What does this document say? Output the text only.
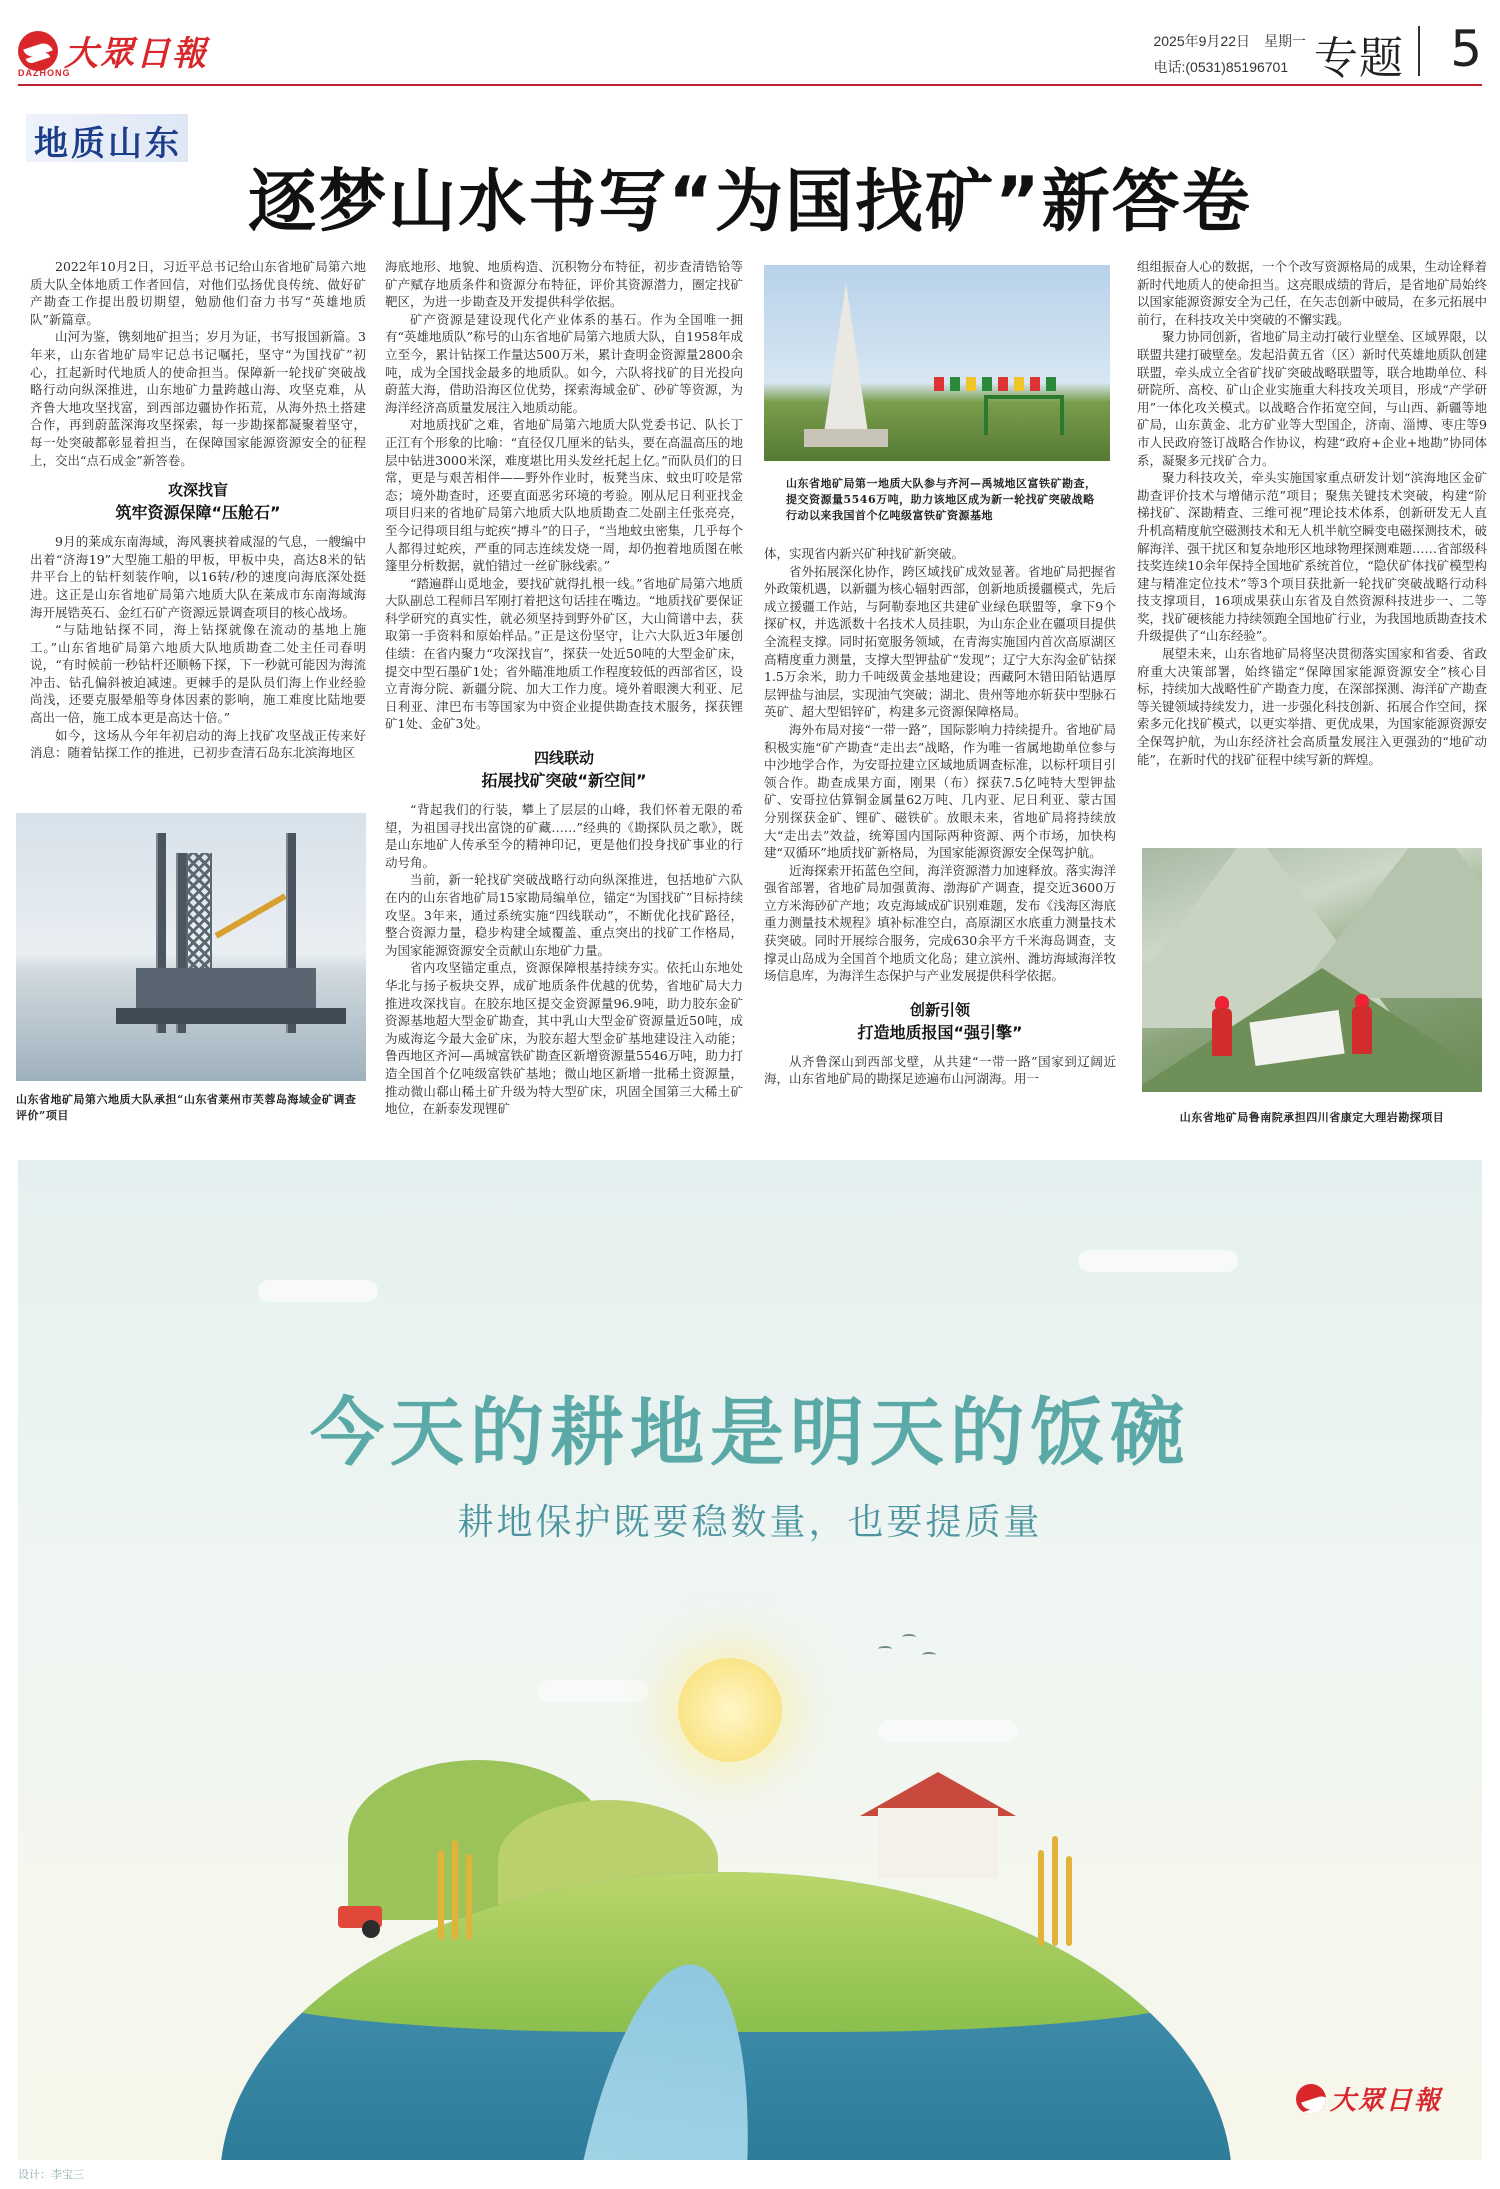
大眾日報
DAZHONG
2025年9月22日　星期一
电话:(0531)85196701 专题 5
地质山东
逐梦山水书写“为国找矿”新答卷

2022年10月2日，习近平总书记给山东省地矿局第六地质大队全体地质工作者回信，对他们弘扬优良传统、做好矿产勘查工作提出殷切期望，勉励他们奋力书写“英雄地质队”新篇章。

山河为鉴，镌刻地矿担当；岁月为证，书写报国新篇。3年来，山东省地矿局牢记总书记嘱托，坚守“为国找矿”初心，扛起新时代地质人的使命担当。保障新一轮找矿突破战略行动向纵深推进，山东地矿力量跨越山海、攻坚克难，从齐鲁大地攻坚找富，到西部边疆协作拓荒，从海外热土搭建合作，再到蔚蓝深海攻坚探索，每一步勘探都凝聚着坚守，每一处突破都彰显着担当，在保障国家能源资源安全的征程上，交出“点石成金”新答卷。

攻深找盲
筑牢资源保障“压舱石”

9月的莱成东南海域，海风裹挟着咸湿的气息，一艘编中出着“济海19”大型施工船的甲板，甲板中央，高达8米的钻井平台上的钻杆刻装作响，以16转/秒的速度向海底深处挺进。这正是山东省地矿局第六地质大队在莱成市东南海域海海开展锆英石、金红石矿产资源远景调查项目的核心战场。

“与陆地钻探不同，海上钻探就像在流动的基地上施工。”山东省地矿局第六地质大队地质勘查二处主任司春明说，“有时候前一秒钻杆还顺畅下探，下一秒就可能因为海流冲击、钻孔偏斜被迫减速。更棘手的是队员们海上作业经验尚浅，还要克服晕船等身体因素的影响，施工难度比陆地要高出一倍，施工成本更是高达十倍。”

如今，这场从今年年初启动的海上找矿攻坚战正传来好消息：随着钻探工作的推进，已初步查清石岛东北滨海地区

山东省地矿局第六地质大队承担“山东省莱州市芙蓉岛海域金矿调查评价”项目

海底地形、地貌、地质构造、沉积物分布特征，初步查清锆铪等矿产赋存地质条件和资源分布特征，评价其资源潜力，圈定找矿靶区，为进一步勘查及开发提供科学依据。

矿产资源是建设现代化产业体系的基石。作为全国唯一拥有“英雄地质队”称号的山东省地矿局第六地质大队，自1958年成立至今，累计钻探工作量达500万米，累计查明金资源量2800余吨，成为全国找金最多的地质队。如今，六队将找矿的目光投向蔚蓝大海，借助沿海区位优势，探索海域金矿、砂矿等资源，为海洋经济高质量发展注入地质动能。

对地质找矿之难，省地矿局第六地质大队党委书记、队长丁正江有个形象的比喻：“直径仅几厘米的钻头，要在高温高压的地层中钻进3000米深，难度堪比用头发丝托起上亿。”而队员们的日常，更是与艰苦相伴——野外作业时，板凳当床、蚊虫叮咬是常态；境外勘查时，还要直面恶劣环境的考验。刚从尼日利亚找金项目归来的省地矿局第六地质大队地质勘查二处副主任张亮亮，至今记得项目组与蛇疾“搏斗”的日子，“当地蚊虫密集，几乎每个人都得过蛇疾，严重的同志连续发烧一周，却仍抱着地质图在帐篷里分析数据，就怕错过一丝矿脉线索。”

“踏遍群山觅地金，要找矿就得扎根一线。”省地矿局第六地质大队副总工程师吕军刚打着把这句话挂在嘴边。“地质找矿要保证科学研究的真实性，就必须坚持到野外矿区，大山简谱中去，获取第一手资料和原始样品。”正是这份坚守，让六大队近3年屡创佳绩：在省内聚力“攻深找盲”，探获一处近50吨的大型金矿床，提交中型石墨矿1处；省外瞄准地质工作程度较低的西部省区，设立青海分院、新疆分院、加大工作力度。境外着眼澳大利亚、尼日利亚、津巴布韦等国家为中资企业提供勘查技术服务，探获锂矿1处、金矿3处。

四线联动
拓展找矿突破“新空间”

“背起我们的行装，攀上了层层的山峰，我们怀着无限的希望，为祖国寻找出富饶的矿藏……”经典的《勘探队员之歌》，既是山东地矿人传承至今的精神印记，更是他们投身找矿事业的行动号角。

当前，新一轮找矿突破战略行动向纵深推进，包括地矿六队在内的山东省地矿局15家勘局编单位，锚定“为国找矿”目标持续攻坚。3年来，通过系统实施“四线联动”，不断优化找矿路径，整合资源力量，稳步构建全域覆盖、重点突出的找矿工作格局，为国家能源资源安全贡献山东地矿力量。

省内攻坚锚定重点，资源保障根基持续夯实。依托山东地处华北与扬子板块交界，成矿地质条件优越的优势，省地矿局大力推进攻深找盲。在胶东地区提交金资源量96.9吨，助力胶东金矿资源基地超大型金矿勘查，其中乳山大型金矿资源量近50吨，成为威海迄今最大金矿床，为胶东超大型金矿基地建设注入动能；鲁西地区齐河—禹城富铁矿勘查区新增资源量5546万吨，助力打造全国首个亿吨级富铁矿基地；微山地区新增一批稀土资源量，推动微山郗山稀土矿升级为特大型矿床，巩固全国第三大稀土矿地位，在新泰发现锂矿

山东省地矿局第一地质大队参与齐河—禹城地区富铁矿勘查，提交资源量5546万吨，助力该地区成为新一轮找矿突破战略行动以来我国首个亿吨级富铁矿资源基地

体，实现省内新兴矿种找矿新突破。

省外拓展深化协作，跨区域找矿成效显著。省地矿局把握省外政策机遇，以新疆为核心辐射西部，创新地质援疆模式，先后成立援疆工作站，与阿勒泰地区共建矿业绿色联盟等，拿下9个探矿权，并选派数十名技术人员挂职，为山东企业在疆项目提供全流程支撑。同时拓宽服务领域，在青海实施国内首次高原湖区高精度重力测量，支撑大型钾盐矿“发现”；辽宁大东沟金矿钻探1.5万余米，助力千吨级黄金基地建设；西藏阿木错田陌钻遇厚层钾盐与油层，实现油气突破；湖北、贵州等地亦斩获中型脉石英矿、超大型铝锌矿，构建多元资源保障格局。

海外布局对接“一带一路”，国际影响力持续提升。省地矿局积极实施“矿产勘查“走出去”战略，作为唯一省属地勘单位参与中沙地学合作，为安哥拉建立区域地质调查标准，以标杆项目引领合作。勘查成果方面，刚果（布）探获7.5亿吨特大型钾盐矿、安哥拉估算铜金属量62万吨、几内亚、尼日利亚、蒙古国分别探获金矿、锂矿、磁铁矿。放眼未来，省地矿局将持续放大“走出去”效益，统筹国内国际两种资源、两个市场，加快构建“双循环”地质找矿新格局，为国家能源资源安全保驾护航。

近海探索开拓蓝色空间，海洋资源潜力加速释放。落实海洋强省部署，省地矿局加强黄海、渤海矿产调查，提交近3600万立方米海砂矿产地；攻克海域成矿识别难题，发布《浅海区海底重力测量技术规程》填补标准空白，高原湖区水底重力测量技术获突破。同时开展综合服务，完成630余平方千米海岛调查，支撑灵山岛成为全国首个地质文化岛；建立滨州、潍坊海域海洋牧场信息库，为海洋生态保护与产业发展提供科学依据。

创新引领
打造地质报国“强引擎”

从齐鲁深山到西部戈壁，从共建“一带一路”国家到辽阔近海，山东省地矿局的勘探足迹遍布山河湖海。用一

组组振奋人心的数据，一个个改写资源格局的成果，生动诠释着新时代地质人的使命担当。这亮眼成绩的背后，是省地矿局始终以国家能源资源安全为己任，在矢志创新中破局，在多元拓展中前行，在科技攻关中突破的不懈实践。

聚力协同创新，省地矿局主动打破行业壁垒、区域界限，以联盟共建打破壁垒。发起沿黄五省（区）新时代英雄地质队创建联盟，牵头成立全省矿找矿突破战略联盟等，联合地勘单位、科研院所、高校、矿山企业实施重大科技攻关项目，形成“产学研用”一体化攻关模式。以战略合作拓宽空间，与山西、新疆等地矿局，山东黄金、北方矿业等大型国企，济南、淄博、枣庄等9市人民政府签订战略合作协议，构建“政府+企业+地勘”协同体系，凝聚多元找矿合力。

聚力科技攻关，牵头实施国家重点研发计划“滨海地区金矿勘查评价技术与增储示范”项目；聚焦关键技术突破，构建“阶梯找矿、深勘精查、三维可视”理论技术体系，创新研发无人直升机高精度航空磁测技术和无人机半航空瞬变电磁探测技术，破解海洋、强干扰区和复杂地形区地球物理探测难题……省部级科技奖连续10余年保持全国地矿系统首位，“隐伏矿体找矿模型构建与精准定位技术”等3个项目获批新一轮找矿突破战略行动科技支撑项目，16项成果获山东省及自然资源科技进步一、二等奖，找矿硬核能力持续领跑全国地矿行业，为我国地质勘查技术升级提供了“山东经验”。

展望未来，山东省地矿局将坚决贯彻落实国家和省委、省政府重大决策部署，始终锚定“保障国家能源资源安全”核心目标，持续加大战略性矿产勘查力度，在深部探测、海洋矿产勘查等关键领域持续发力，进一步强化科技创新、拓展合作空间，探索多元化找矿模式，以更实举措、更优成果，为国家能源资源安全保驾护航，为山东经济社会高质量发展注入更强劲的“地矿动能”，在新时代的找矿征程中续写新的辉煌。

山东省地矿局鲁南院承担四川省康定大理岩勘探项目
今天的耕地是明天的饭碗
耕地保护既要稳数量，也要提质量
大眾日報
设计：李宝三
